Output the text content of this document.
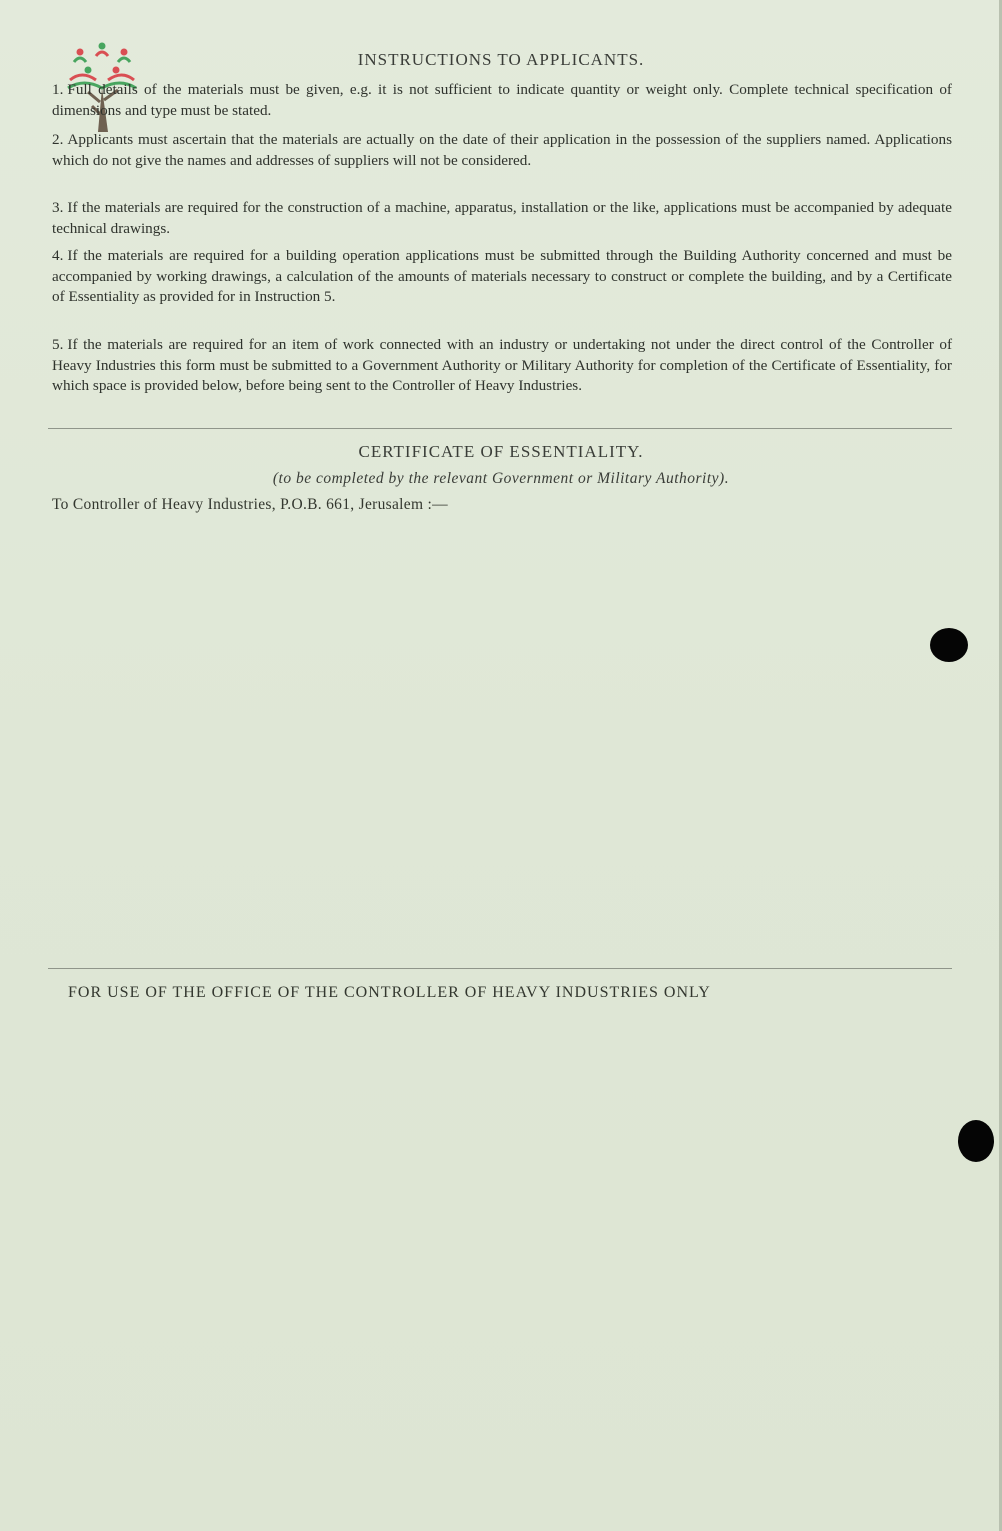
INSTRUCTIONS TO APPLICANTS.
1. Full details of the materials must be given, e.g. it is not sufficient to indicate quantity or weight only. Complete technical specification of dimensions and type must be stated.
2. Applicants must ascertain that the materials are actually on the date of their application in the possession of the suppliers named. Applications which do not give the names and addresses of suppliers will not be considered.
3. If the materials are required for the construction of a machine, apparatus, installation or the like, applications must be accompanied by adequate technical drawings.
4. If the materials are required for a building operation applications must be submitted through the Building Authority concerned and must be accompanied by working drawings, a calculation of the amounts of materials necessary to construct or complete the building, and by a Certificate of Essentiality as provided for in Instruction 5.
5. If the materials are required for an item of work connected with an industry or undertaking not under the direct control of the Controller of Heavy Industries this form must be submitted to a Government Authority or Military Authority for completion of the Certificate of Essentiality, for which space is provided below, before being sent to the Controller of Heavy Industries.
CERTIFICATE OF ESSENTIALITY.
(to be completed by the relevant Government or Military Authority).
To Controller of Heavy Industries, P.O.B. 661, Jerusalem :—
FOR USE OF THE OFFICE OF THE CONTROLLER OF HEAVY INDUSTRIES ONLY
